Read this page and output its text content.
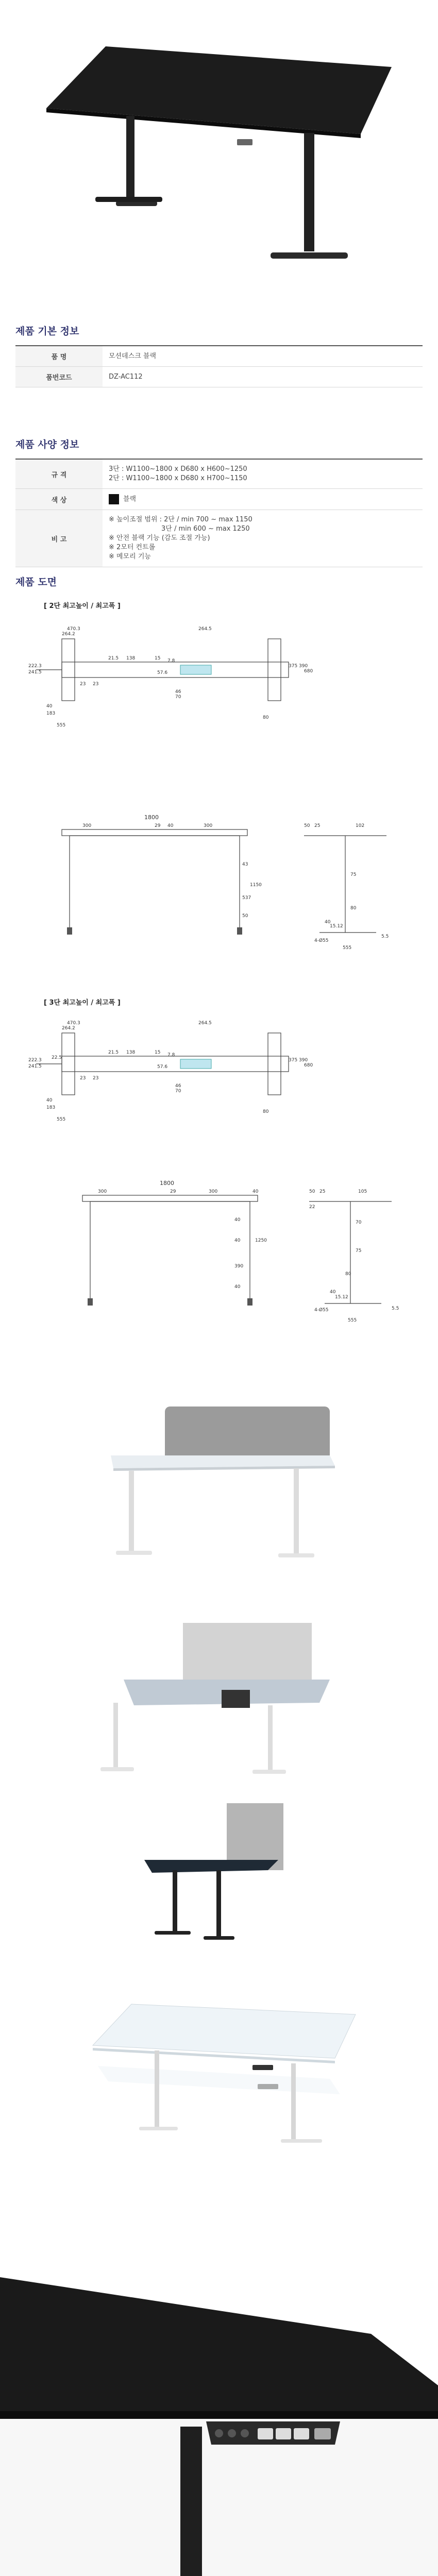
제품 기본 정보
품 명	모션데스크 블랙
품번코드	DZ-AC112
제품 사양 정보
규 격	3단 : W1100~1800 x D680 x H600~1250
2단 : W1100~1800 x D680 x H700~1150

색 상	블랙
비 고	※ 높이조절 범위 : 2단 / min 700 ~ max 1150
3단 / min 600 ~ max 1250
※ 안전 블랙 기능 (감도 조절 가능)
※ 2모터 컨트롤
※ 메모리 기능
제품 도면
[ 2단 최고높이 / 최고폭 ]
470.3
264.2
264.5
222.3
241.5
21.5 138	15 7.8
57.6
23 23
46
70
375 390
680
40
183
555
80
1800
300	29 40	300
43
1150
537
50
50 25	102
75
80
40
15.12
4-Ø55
5.5
555
[ 3단 최고높이 / 최고폭 ]
470.3
264.2
264.5
22.5
222.3
241.5
21.5 138	15 7.8
57.6
23 23
46
70
375 390
680
40
183
555
80
1800
300	29	300	40
40
40
390
1250
40
50 25	105
22
70
75
80
40
15.12
4-Ø55	5.5
555
